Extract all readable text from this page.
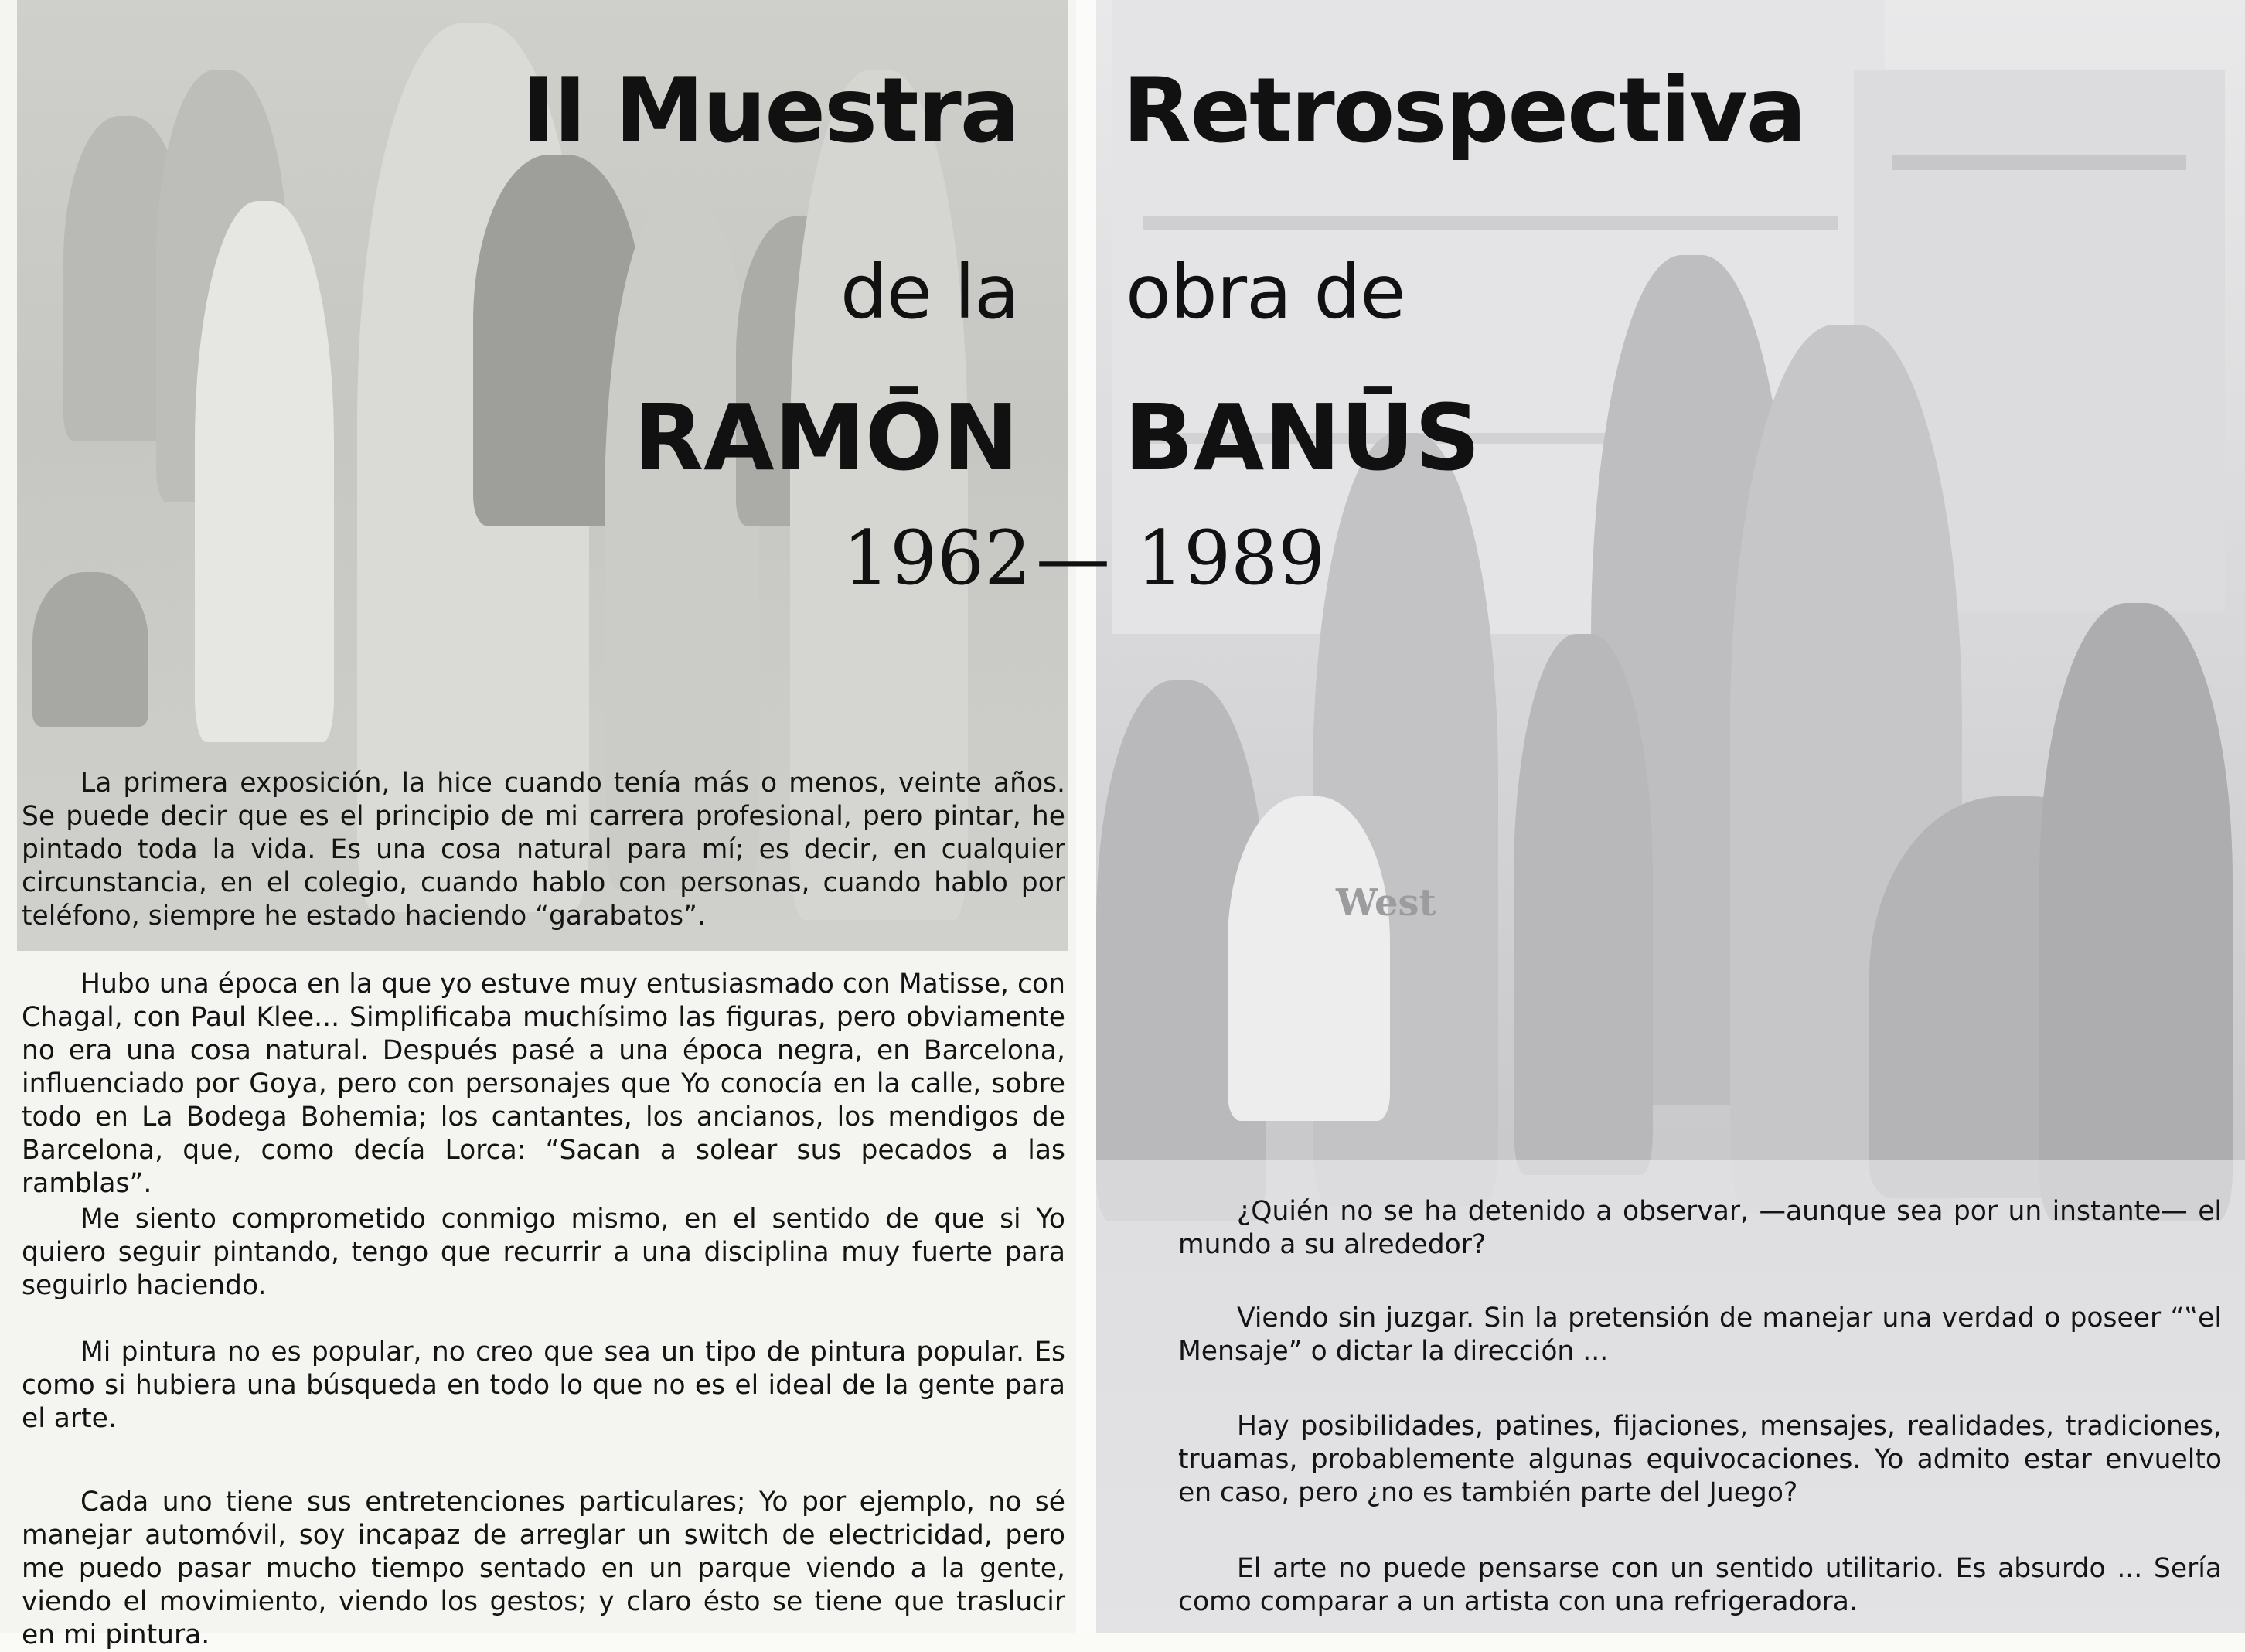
West
II Muestra Retrospectiva
de la obra de
RAMŌN BANŪS
1962 — 1989

La primera exposición, la hice cuando tenía más o menos, veinte años. Se puede decir que es el principio de mi carrera profesional, pero pintar, he pintado toda la vida. Es una cosa natural para mí; es decir, en cualquier circunstancia, en el colegio, cuando hablo con personas, cuando hablo por teléfono, siempre he estado haciendo “garabatos”.

Hubo una época en la que yo estuve muy entusiasmado con Matisse, con Chagal, con Paul Klee... Simplificaba muchísimo las figuras, pero obviamente no era una cosa natural. Después pasé a una época negra, en Barcelona, influenciado por Goya, pero con personajes que Yo conocía en la calle, sobre todo en La Bodega Bohemia; los cantantes, los ancianos, los mendigos de Barcelona, que, como decía Lorca: “Sacan a solear sus pecados a las ramblas”.

Me siento comprometido conmigo mismo, en el sentido de que si Yo quiero seguir pintando, tengo que recurrir a una disciplina muy fuerte para seguirlo haciendo.

Mi pintura no es popular, no creo que sea un tipo de pintura popular. Es como si hubiera una búsqueda en todo lo que no es el ideal de la gente para el arte.

Cada uno tiene sus entretenciones particulares; Yo por ejemplo, no sé manejar automóvil, soy incapaz de arreglar un switch de electricidad, pero me puedo pasar mucho tiempo sentado en un parque viendo a la gente, viendo el movimiento, viendo los gestos; y claro ésto se tiene que traslucir en mi pintura.

¿Quién no se ha detenido a observar, —aunque sea por un instante— el mundo a su alrededor?

Viendo sin juzgar. Sin la pretensión de manejar una verdad o poseer “‟el Mensaje” o dictar la dirección ...

Hay posibilidades, patines, fijaciones, mensajes, realidades, tradiciones, truamas, probablemente algunas equivocaciones. Yo admito estar envuelto en caso, pero ¿no es también parte del Juego?

El arte no puede pensarse con un sentido utilitario. Es absurdo ... Sería como comparar a un artista con una refrigeradora.
